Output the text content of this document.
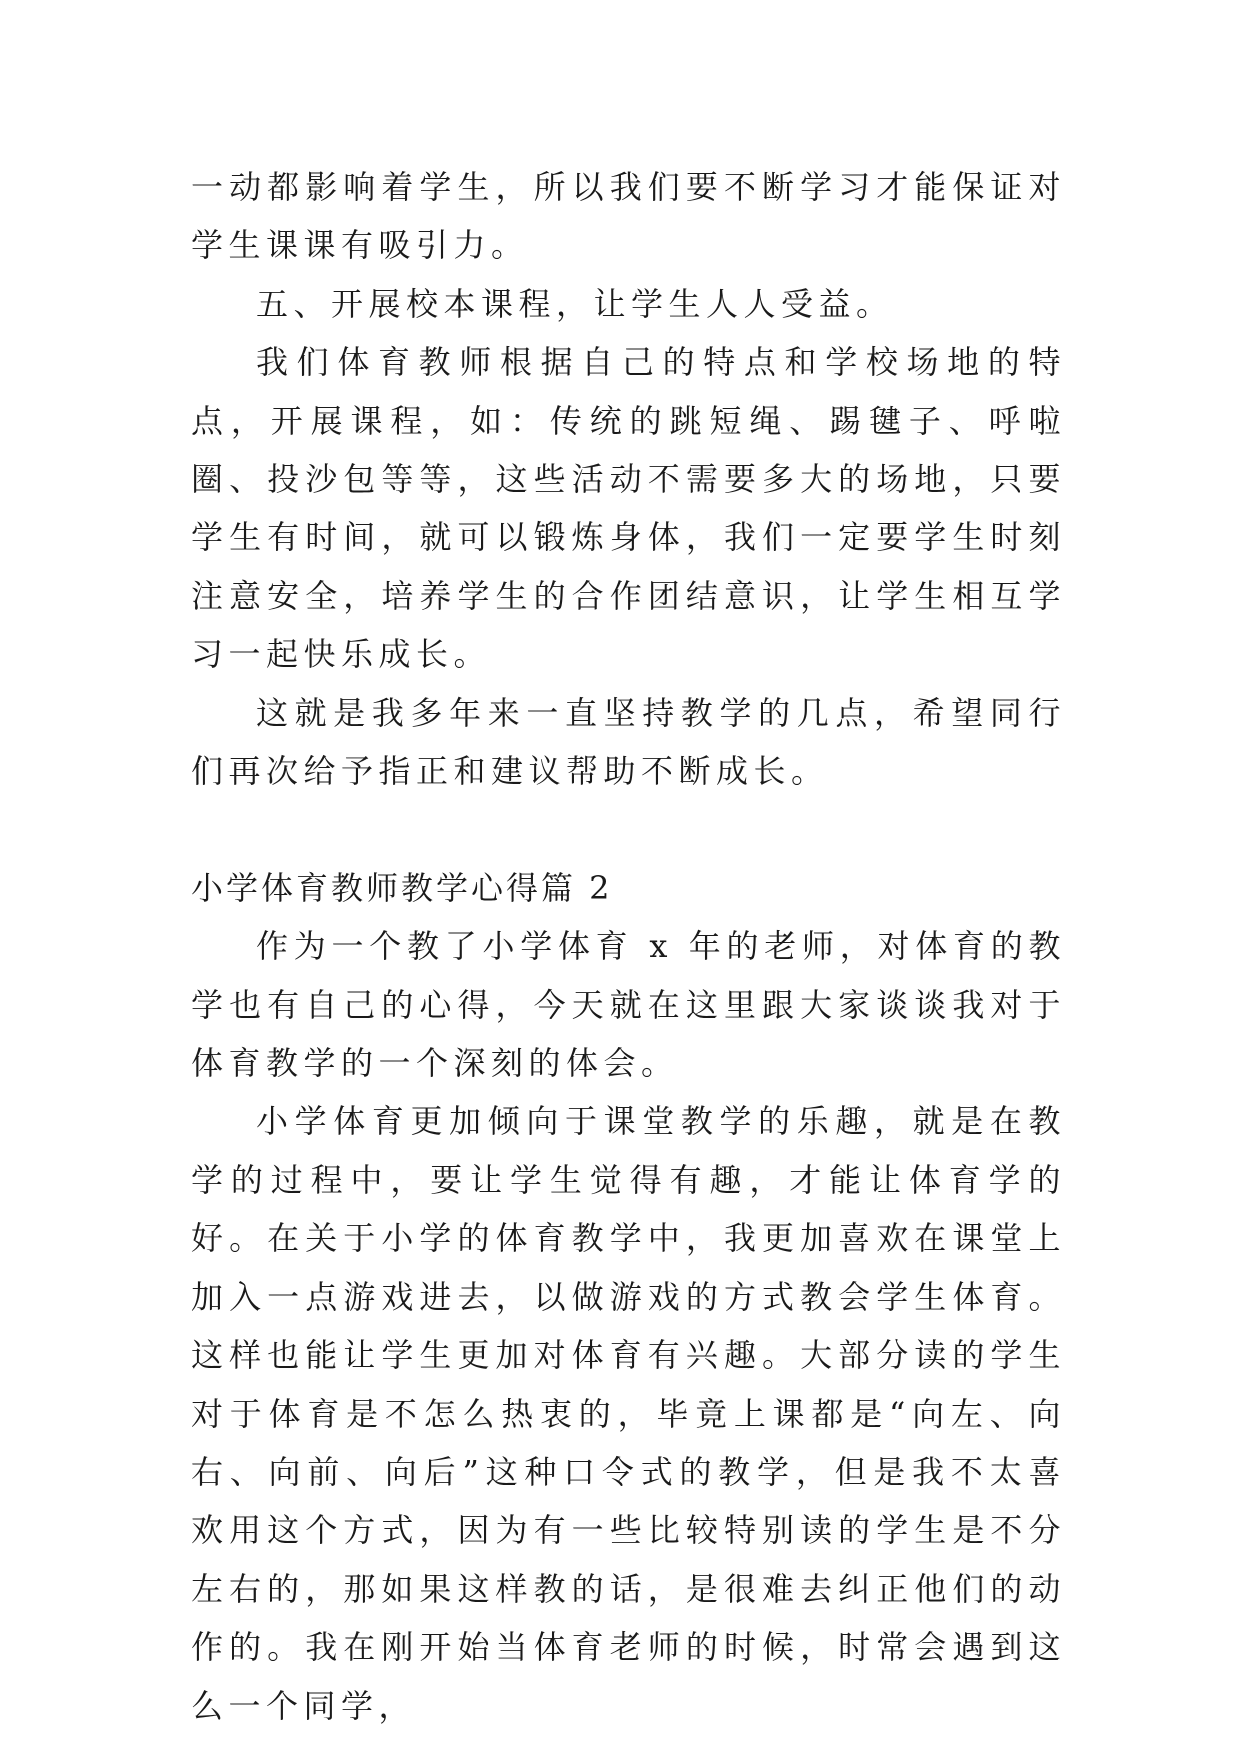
一动都影响着学生，所以我们要不断学习才能保证对学生课课有吸引力。

五、开展校本课程，让学生人人受益。

我们体育教师根据自己的特点和学校场地的特点，开展课程，如：传统的跳短绳、踢毽子、呼啦圈、投沙包等等，这些活动不需要多大的场地，只要学生有时间，就可以锻炼身体，我们一定要学生时刻注意安全，培养学生的合作团结意识，让学生相互学习一起快乐成长。

这就是我多年来一直坚持教学的几点，希望同行们再次给予指正和建议帮助不断成长。

小学体育教师教学心得篇 2

作为一个教了小学体育 x 年的老师，对体育的教学也有自己的心得，今天就在这里跟大家谈谈我对于体育教学的一个深刻的体会。

小学体育更加倾向于课堂教学的乐趣，就是在教学的过程中，要让学生觉得有趣，才能让体育学的好。在关于小学的体育教学中，我更加喜欢在课堂上加入一点游戏进去，以做游戏的方式教会学生体育。这样也能让学生更加对体育有兴趣。大部分读的学生对于体育是不怎么热衷的，毕竟上课都是“向左、向右、向前、向后”这种口令式的教学，但是我不太喜欢用这个方式，因为有一些比较特别读的学生是不分左右的，那如果这样教的话，是很难去纠正他们的动作的。我在刚开始当体育老师的时候，时常会遇到这么一个同学，
